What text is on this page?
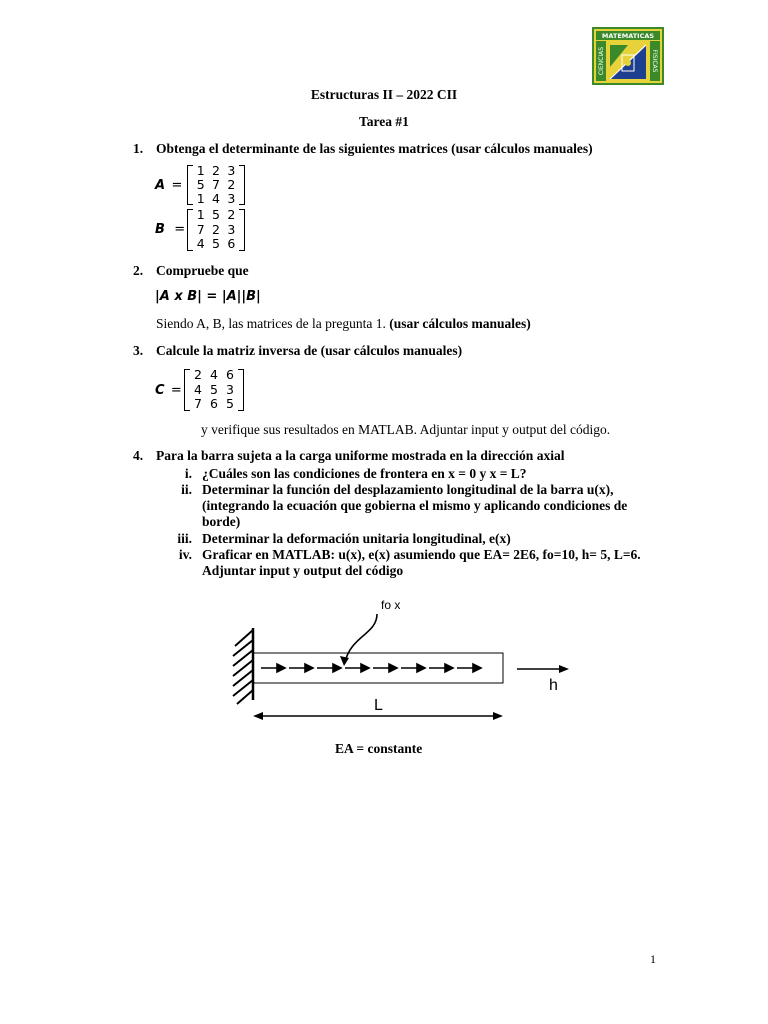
MATEMATICAS
CIENCIAS	FISICAS
Estructuras II – 2022 CII
Tarea #1
1. Obtenga el determinante de las siguientes matrices (usar cálculos manuales)
A =
1 2 3
5 7 2
1 4 3
B =
1 5 2
7 2 3
4 5 6
2. Compruebe que
|A x B| = |A||B|
Siendo A, B, las matrices de la pregunta 1. (usar cálculos manuales)
3. Calcule la matriz inversa de (usar cálculos manuales)
C =
2 4 6
4 5 3
7 6 5
y verifique sus resultados en MATLAB. Adjuntar input y output del código.
4. Para la barra sujeta a la carga uniforme mostrada en la dirección axial
i. ¿Cuáles son las condiciones de frontera en x = 0 y x = L?
ii. Determinar la función del desplazamiento longitudinal de la barra u(x),
(integrando la ecuación que gobierna el mismo y aplicando condiciones de
borde)
iii. Determinar la deformación unitaria longitudinal, e(x)
iv. Graficar en MATLAB: u(x), e(x) asumiendo que EA= 2E6, fo=10, h= 5, L=6.
Adjuntar input y output del código
fo x
h
L
EA = constante
1
